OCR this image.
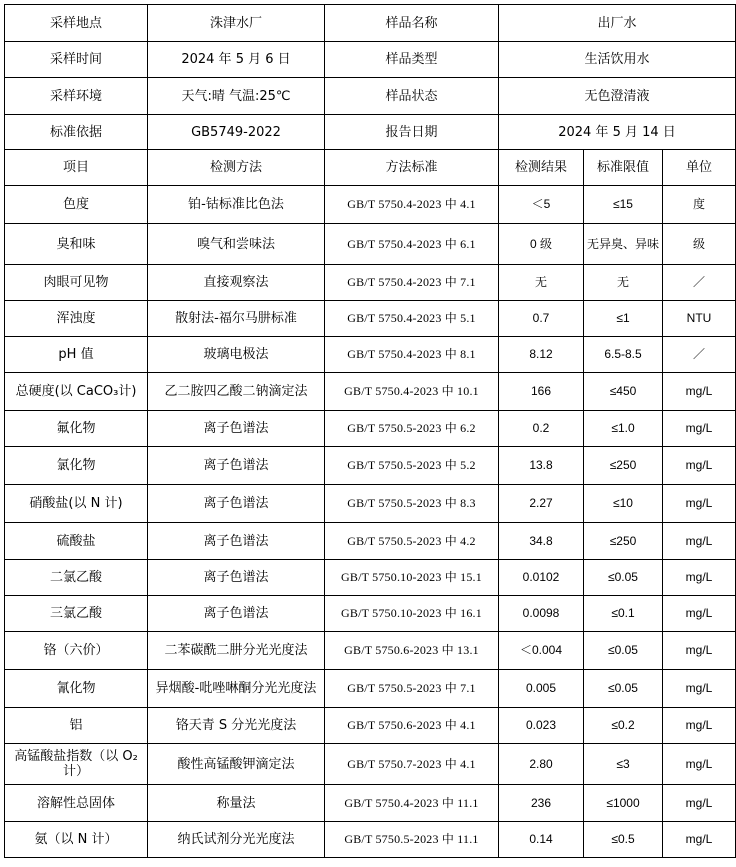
采样地点	洙津水厂	样品名称	出厂水		
采样时间	2024 年 5 月 6 日	样品类型	生活饮用水		
采样环境	天气:晴 气温:25℃	样品状态	无色澄清液		
标准依据	GB5749-2022	报告日期	2024 年 5 月 14 日		
项目	检测方法	方法标准	检测结果	标准限值	单位
色度	铂-钴标准比色法	GB/T 5750.4-2023 中 4.1	＜5	≤15	度
臭和味	嗅气和尝味法	GB/T 5750.4-2023 中 6.1	0 级	无异臭、异味	级
肉眼可见物	直接观察法	GB/T 5750.4-2023 中 7.1	无	无	／
浑浊度	散射法-福尔马肼标准	GB/T 5750.4-2023 中 5.1	0.7	≤1	NTU
pH 值	玻璃电极法	GB/T 5750.4-2023 中 8.1	8.12	6.5-8.5	／
总硬度(以 CaCO₃计)	乙二胺四乙酸二钠滴定法	GB/T 5750.4-2023 中 10.1	166	≤450	mg/L
氟化物	离子色谱法	GB/T 5750.5-2023 中 6.2	0.2	≤1.0	mg/L
氯化物	离子色谱法	GB/T 5750.5-2023 中 5.2	13.8	≤250	mg/L
硝酸盐(以 N 计)	离子色谱法	GB/T 5750.5-2023 中 8.3	2.27	≤10	mg/L
硫酸盐	离子色谱法	GB/T 5750.5-2023 中 4.2	34.8	≤250	mg/L
二氯乙酸	离子色谱法	GB/T 5750.10-2023 中 15.1	0.0102	≤0.05	mg/L
三氯乙酸	离子色谱法	GB/T 5750.10-2023 中 16.1	0.0098	≤0.1	mg/L
铬（六价）	二苯碳酰二肼分光光度法	GB/T 5750.6-2023 中 13.1	＜0.004	≤0.05	mg/L
氰化物	异烟酸-吡唑啉酮分光光度法	GB/T 5750.5-2023 中 7.1	0.005	≤0.05	mg/L
铝	铬天青 S 分光光度法	GB/T 5750.6-2023 中 4.1	0.023	≤0.2	mg/L
高锰酸盐指数（以 O₂计）	酸性高锰酸钾滴定法	GB/T 5750.7-2023 中 4.1	2.80	≤3	mg/L
溶解性总固体	称量法	GB/T 5750.4-2023 中 11.1	236	≤1000	mg/L
氨（以 N 计）	纳氏试剂分光光度法	GB/T 5750.5-2023 中 11.1	0.14	≤0.5	mg/L
